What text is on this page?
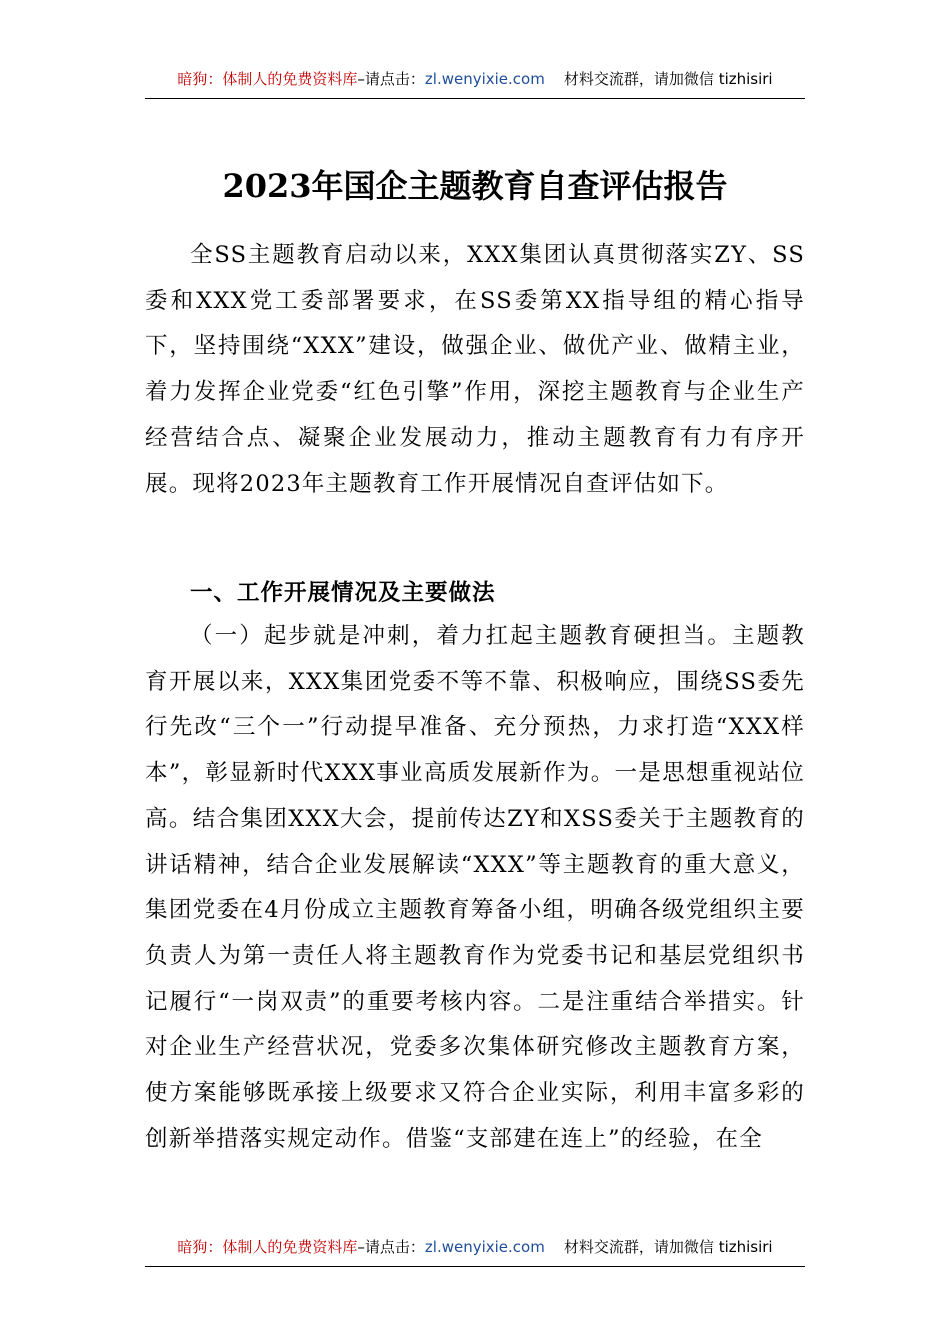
暗狗：体制人的免费资料库–请点击：zl.wenyixie.com 材料交流群，请加微信 tizhisiri
2023年国企主题教育自查评估报告

全SS主题教育启动以来，XXX集团认真贯彻落实ZY、SS委和XXX党工委部署要求，在SS委第XX指导组的精心指导下，坚持围绕“XXX”建设，做强企业、做优产业、做精主业，着力发挥企业党委“红色引擎”作用，深挖主题教育与企业生产经营结合点、凝聚企业发展动力，推动主题教育有力有序开展。现将2023年主题教育工作开展情况自查评估如下。

一、工作开展情况及主要做法

（一）起步就是冲刺，着力扛起主题教育硬担当。主题教育开展以来，XXX集团党委不等不靠、积极响应，围绕SS委先行先改“三个一”行动提早准备、充分预热，力求打造“XXX样本”，彰显新时代XXX事业高质发展新作为。一是思想重视站位高。结合集团XXX大会，提前传达ZY和XSS委关于主题教育的讲话精神，结合企业发展解读“XXX”等主题教育的重大意义，集团党委在4月份成立主题教育筹备小组，明确各级党组织主要负责人为第一责任人将主题教育作为党委书记和基层党组织书记履行“一岗双责”的重要考核内容。二是注重结合举措实。针对企业生产经营状况，党委多次集体研究修改主题教育方案，使方案能够既承接上级要求又符合企业实际，利用丰富多彩的创新举措落实规定动作。借鉴“支部建在连上”的经验，在全

暗狗：体制人的免费资料库–请点击：zl.wenyixie.com 材料交流群，请加微信 tizhisiri
